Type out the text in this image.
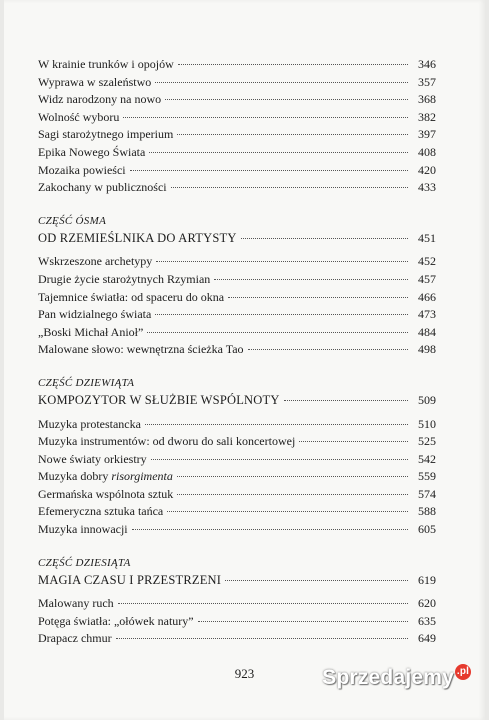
W krainie trunków i opojów	346
Wyprawa w szaleństwo	357
Widz narodzony na nowo	368
Wolność wyboru	382
Sagi starożytnego imperium	397
Epika Nowego Świata	408
Mozaika powieści	420
Zakochany w publiczności	433
CZĘŚĆ ÓSMA
OD RZEMIEŚLNIKA DO ARTYSTY	451
Wskrzeszone archetypy	452
Drugie życie starożytnych Rzymian	457
Tajemnice światła: od spaceru do okna	466
Pan widzialnego świata	473
„Boski Michał Anioł”	484
Malowane słowo: wewnętrzna ścieżka Tao	498
CZĘŚĆ DZIEWIĄTA
KOMPOZYTOR W SŁUŻBIE WSPÓLNOTY	509
Muzyka protestancka	510
Muzyka instrumentów: od dworu do sali koncertowej	525
Nowe światy orkiestry	542
Muzyka dobry risorgimenta	559
Germańska wspólnota sztuk	574
Efemeryczna sztuka tańca	588
Muzyka innowacji	605
CZĘŚĆ DZIESIĄTA
MAGIA CZASU I PRZESTRZENI	619
Malowany ruch	620
Potęga światła: „ołówek natury”	635
Drapacz chmur	649
923	Sprzedajemy .pl
